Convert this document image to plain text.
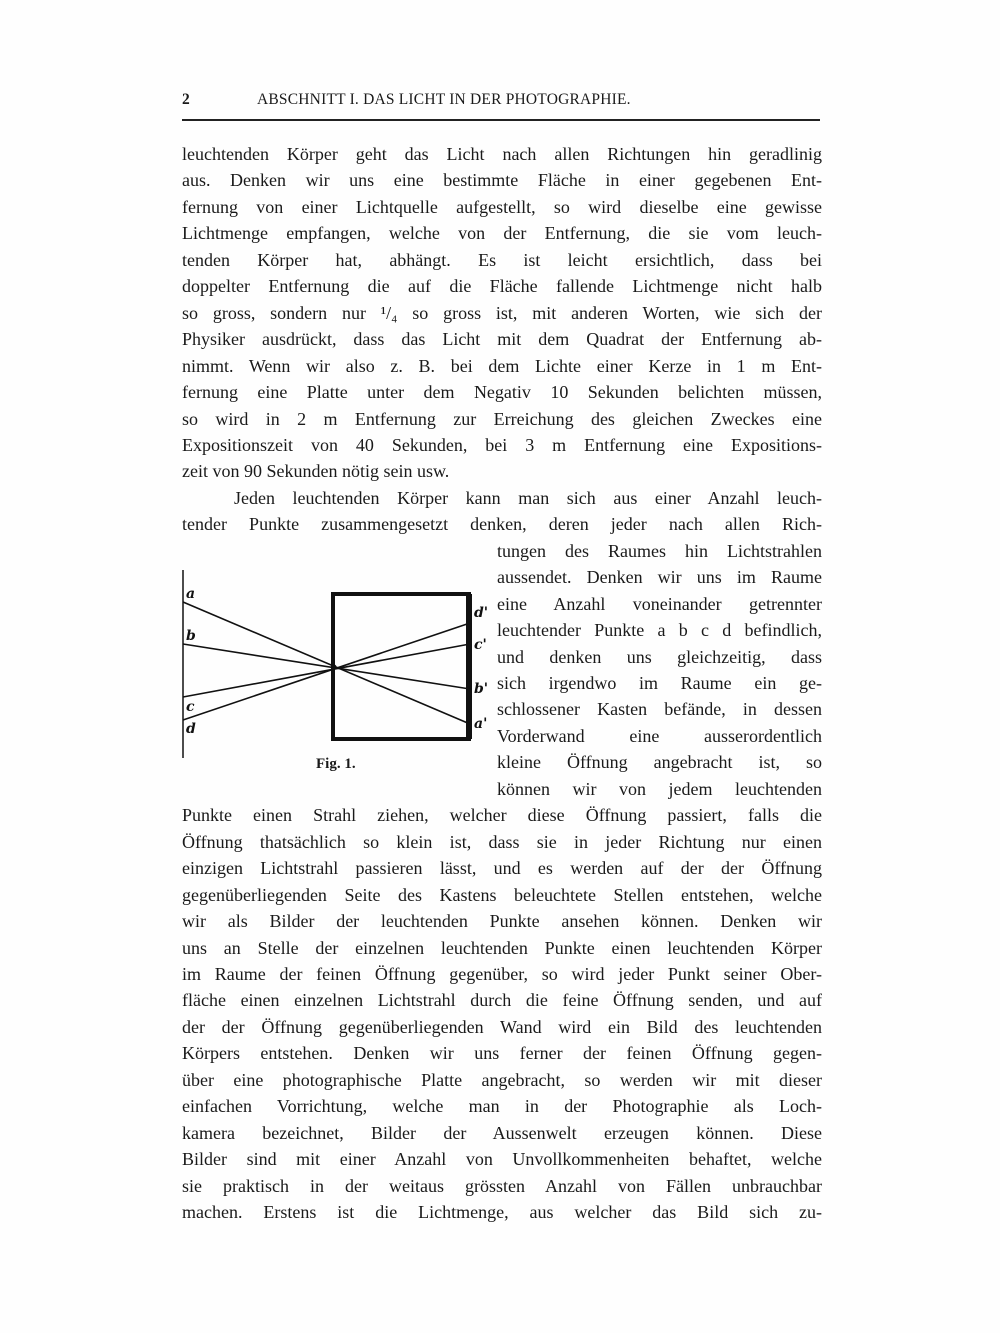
2	ABSCHNITT I. DAS LICHT IN DER PHOTOGRAPHIE.
leuchtenden Körper geht das Licht nach allen Richtungen hin geradlinig
aus. Denken wir uns eine bestimmte Fläche in einer gegebenen Ent-
fernung von einer Lichtquelle aufgestellt, so wird dieselbe eine gewisse
Lichtmenge empfangen, welche von der Entfernung, die sie vom leuch-
tenden Körper hat, abhängt. Es ist leicht ersichtlich, dass bei
doppelter Entfernung die auf die Fläche fallende Lichtmenge nicht halb
so gross, sondern nur ¹/₄ so gross ist, mit anderen Worten, wie sich der
Physiker ausdrückt, dass das Licht mit dem Quadrat der Entfernung ab-
nimmt. Wenn wir also z. B. bei dem Lichte einer Kerze in 1 m Ent-
fernung eine Platte unter dem Negativ 10 Sekunden belichten müssen,
so wird in 2 m Entfernung zur Erreichung des gleichen Zweckes eine
Expositionszeit von 40 Sekunden, bei 3 m Entfernung eine Expositions-
zeit von 90 Sekunden nötig sein usw.
Jeden leuchtenden Körper kann man sich aus einer Anzahl leuch-
tender Punkte zusammengesetzt denken, deren jeder nach allen Rich-
tungen des Raumes hin Lichtstrahlen
aussendet. Denken wir uns im Raume
eine Anzahl voneinander getrennter
leuchtender Punkte a b c d befindlich,
und denken uns gleichzeitig, dass
sich irgendwo im Raume ein ge-
schlossener Kasten befände, in dessen
Vorderwand eine ausserordentlich
kleine Öffnung angebracht ist, so
können wir von jedem leuchtenden
Punkte einen Strahl ziehen, welcher diese Öffnung passiert, falls die
Öffnung thatsächlich so klein ist, dass sie in jeder Richtung nur einen
einzigen Lichtstrahl passieren lässt, und es werden auf der der Öffnung
gegenüberliegenden Seite des Kastens beleuchtete Stellen entstehen, welche
wir als Bilder der leuchtenden Punkte ansehen können. Denken wir
uns an Stelle der einzelnen leuchtenden Punkte einen leuchtenden Körper
im Raume der feinen Öffnung gegenüber, so wird jeder Punkt seiner Ober-
fläche einen einzelnen Lichtstrahl durch die feine Öffnung senden, und auf
der der Öffnung gegenüberliegenden Wand wird ein Bild des leuchtenden
Körpers entstehen. Denken wir uns ferner der feinen Öffnung gegen-
über eine photographische Platte angebracht, so werden wir mit dieser
einfachen Vorrichtung, welche man in der Photographie als Loch-
kamera bezeichnet, Bilder der Aussenwelt erzeugen können. Diese
Bilder sind mit einer Anzahl von Unvollkommenheiten behaftet, welche
sie praktisch in der weitaus grössten Anzahl von Fällen unbrauchbar
machen. Erstens ist die Lichtmenge, aus welcher das Bild sich zu-
a
b
c
d
d'
c'
b'
a'
Fig. 1.
